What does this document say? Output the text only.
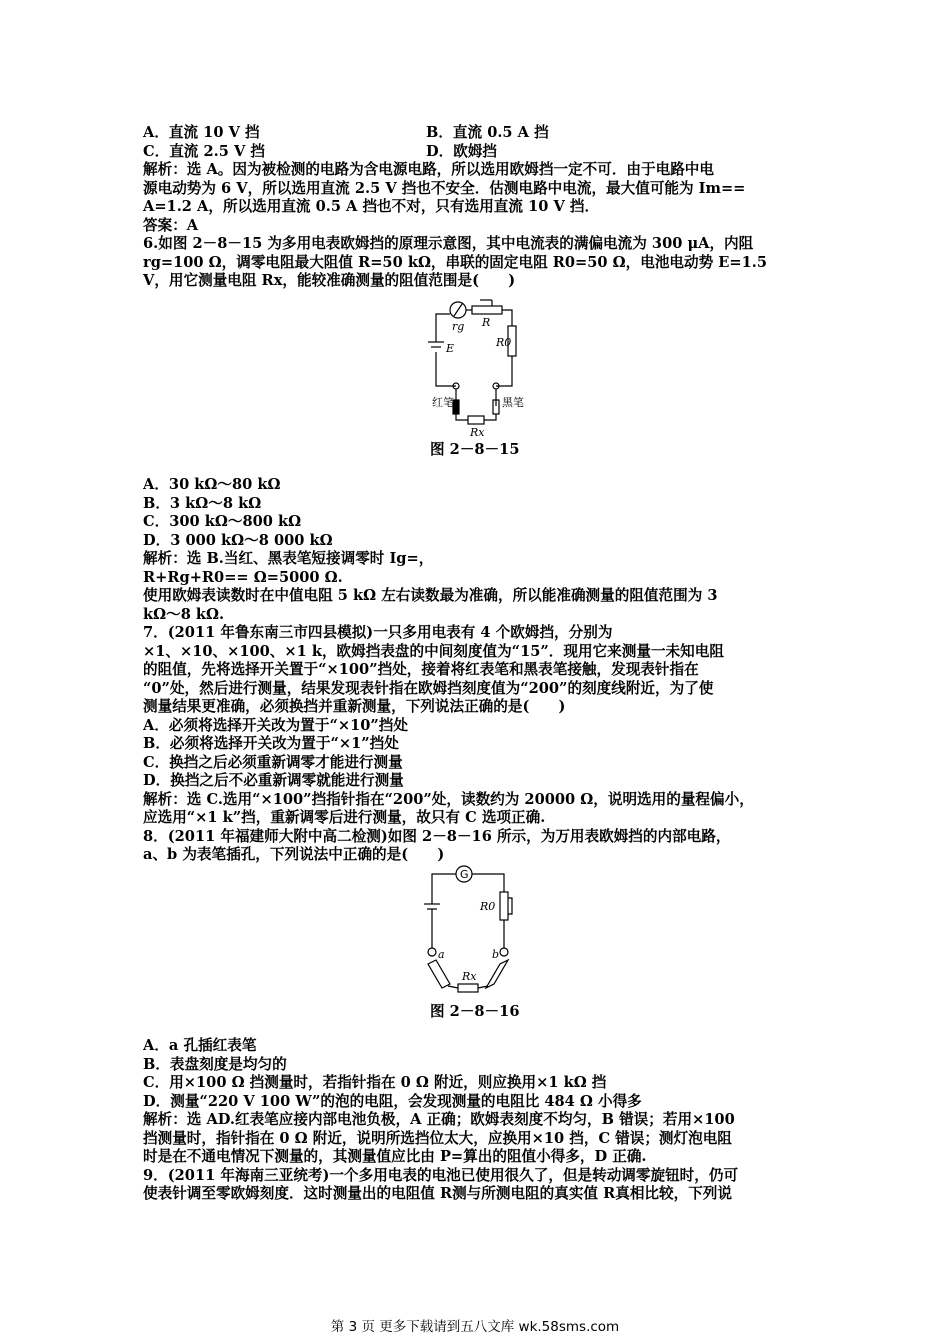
A．直流 10 V 挡	B．直流 0.5 A 挡
C．直流 2.5 V 挡	D．欧姆挡
解析：选 A。因为被检测的电路为含电源电路，所以选用欧姆挡一定不可．由于电路中电
源电动势为 6 V，所以选用直流 2.5 V 挡也不安全．估测电路中电流，最大值可能为 Im==
A=1.2 A，所以选用直流 0.5 A 挡也不对，只有选用直流 10 V 挡．
答案：A
6.如图 2－8－15 为多用电表欧姆挡的原理示意图，其中电流表的满偏电流为 300 μA，内阻
rg=100 Ω，调零电阻最大阻值 R=50 kΩ，串联的固定电阻 R0=50 Ω，电池电动势 E=1.5
V，用它测量电阻 Rx，能较准确测量的阻值范围是(　　)
rg R
R0
E
红笔	黑笔
Rx
图 2－8－15
A．30 kΩ～80 kΩ
B．3 kΩ～8 kΩ
C．300 kΩ～800 kΩ
D．3 000 kΩ～8 000 kΩ
解析：选 B.当红、黑表笔短接调零时 Ig=，
R+Rg+R0== Ω=5000 Ω.
使用欧姆表读数时在中值电阻 5 kΩ 左右读数最为准确，所以能准确测量的阻值范围为 3
kΩ～8 kΩ.
7．(2011 年鲁东南三市四县模拟)一只多用电表有 4 个欧姆挡，分别为
×1、×10、×100、×1 k，欧姆挡表盘的中间刻度值为“15”．现用它来测量一未知电阻
的阻值，先将选择开关置于“×100”挡处，接着将红表笔和黑表笔接触，发现表针指在
“0”处，然后进行测量，结果发现表针指在欧姆挡刻度值为“200”的刻度线附近，为了使
测量结果更准确，必须换挡并重新测量，下列说法正确的是(　　)
A．必须将选择开关改为置于“×10”挡处
B．必须将选择开关改为置于“×1”挡处
C．换挡之后必须重新调零才能进行测量
D．换挡之后不必重新调零就能进行测量
解析：选 C.选用“×100”挡指针指在“200”处，读数约为 20000 Ω，说明选用的量程偏小，
应选用“×1 k”挡，重新调零后进行测量，故只有 C 选项正确.
8．(2011 年福建师大附中高二检测)如图 2－8－16 所示，为万用表欧姆挡的内部电路，
a、b 为表笔插孔，下列说法中正确的是(　　)
G
R0
a	b
Rx
图 2－8－16
A．a 孔插红表笔
B．表盘刻度是均匀的
C．用×100 Ω 挡测量时，若指针指在 0 Ω 附近，则应换用×1 kΩ 挡
D．测量“220 V 100 W”的泡的电阻，会发现测量的电阻比 484 Ω 小得多
解析：选 AD.红表笔应接内部电池负极，A 正确；欧姆表刻度不均匀，B 错误；若用×100
挡测量时，指针指在 0 Ω 附近，说明所选挡位太大，应换用×10 挡，C 错误；测灯泡电阻
时是在不通电情况下测量的，其测量值应比由 P=算出的阻值小得多，D 正确.
9．(2011 年海南三亚统考)一个多用电表的电池已使用很久了，但是转动调零旋钮时，仍可
使表针调至零欧姆刻度．这时测量出的电阻值 R测与所测电阻的真实值 R真相比较，下列说
第 3 页 更多下载请到五八文库 wk.58sms.com
